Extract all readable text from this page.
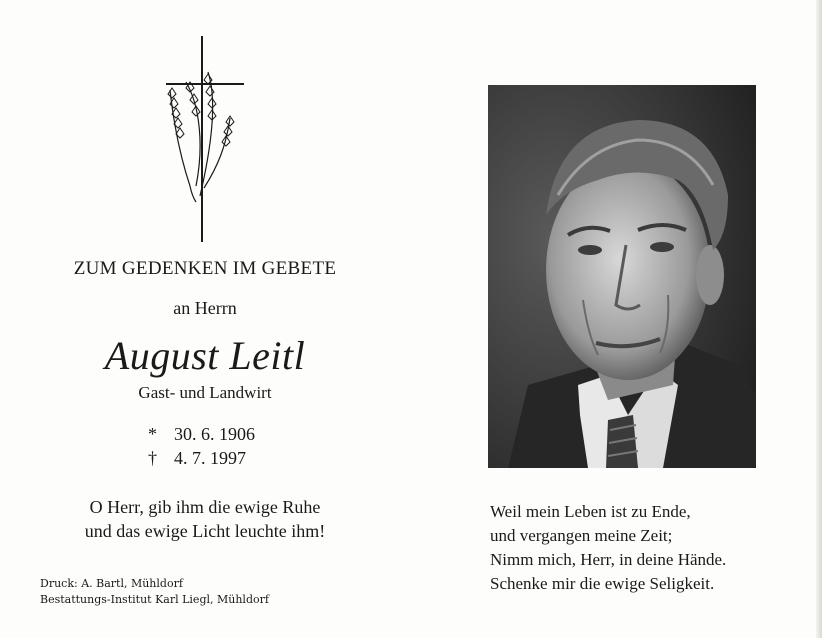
ZUM GEDENKEN IM GEBETE
an Herrn
August Leitl
Gast- und Landwirt
* 30. 6. 1906
† 4. 7. 1997
O Herr, gib ihm die ewige Ruhe
und das ewige Licht leuchte ihm!
Druck: A. Bartl, Mühldorf
Bestattungs-Institut Karl Liegl, Mühldorf
Weil mein Leben ist zu Ende,
und vergangen meine Zeit;
Nimm mich, Herr, in deine Hände.
Schenke mir die ewige Seligkeit.
